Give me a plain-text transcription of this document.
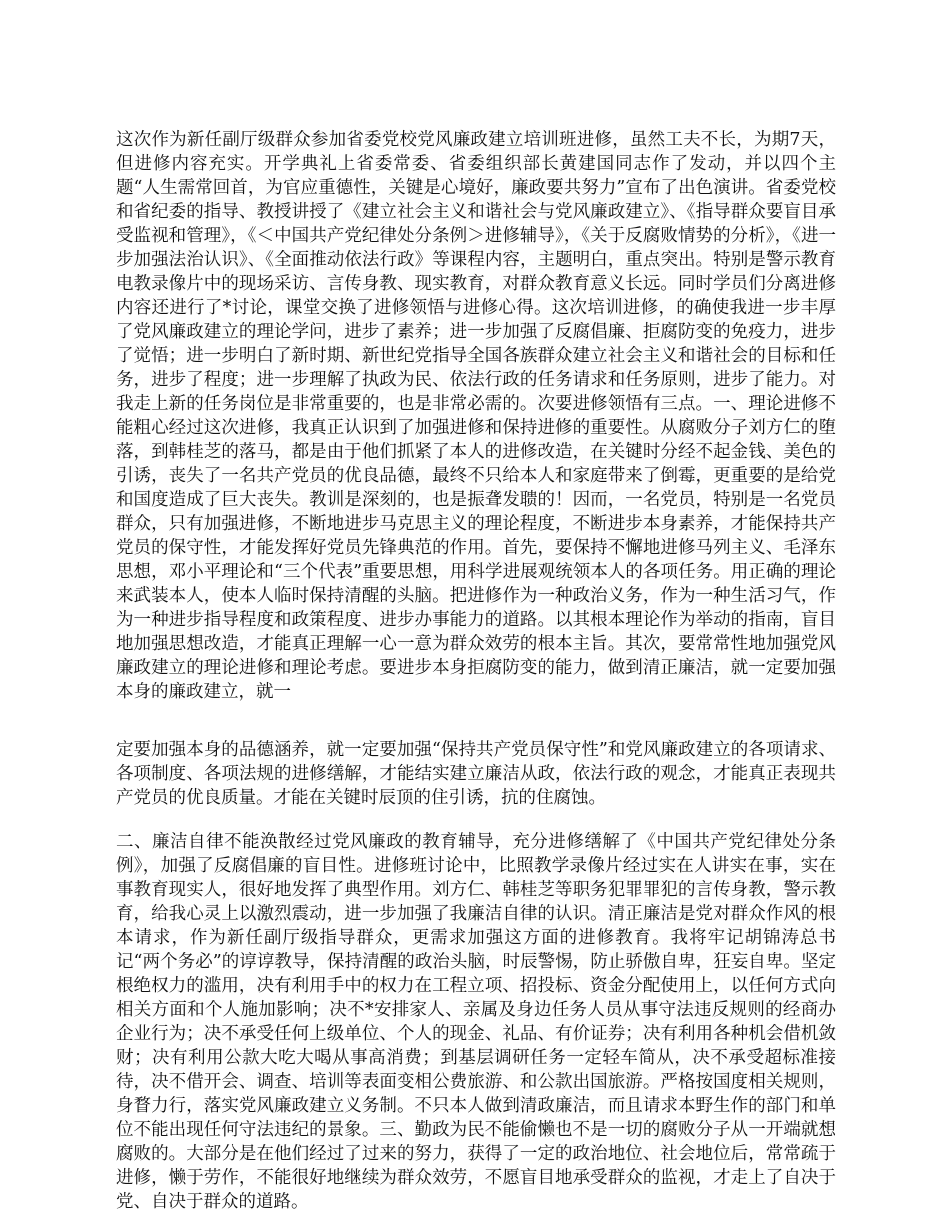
这次作为新任副厅级群众参加省委党校党风廉政建立培训班进修，虽然工夫不长，为期7天，但进修内容充实。开学典礼上省委常委、省委组织部长黄建国同志作了发动，并以四个主题“人生需常回首，为官应重德性，关键是心境好，廉政要共努力”宣布了出色演讲。省委党校和省纪委的指导、教授讲授了《建立社会主义和谐社会与党风廉政建立》、《指导群众要盲目承受监视和管理》，《＜中国共产党纪律处分条例＞进修辅导》，《关于反腐败情势的分析》，《进一步加强法治认识》、《全面推动依法行政》等课程内容，主题明白，重点突出。特别是警示教育电教录像片中的现场采访、言传身教、现实教育，对群众教育意义长远。同时学员们分离进修内容还进行了*讨论，课堂交换了进修领悟与进修心得。这次培训进修，的确使我进一步丰厚了党风廉政建立的理论学问，进步了素养；进一步加强了反腐倡廉、拒腐防变的免疫力，进步了觉悟；进一步明白了新时期、新世纪党指导全国各族群众建立社会主义和谐社会的目标和任务，进步了程度；进一步理解了执政为民、依法行政的任务请求和任务原则，进步了能力。对我走上新的任务岗位是非常重要的，也是非常必需的。次要进修领悟有三点。一、理论进修不能粗心经过这次进修，我真正认识到了加强进修和保持进修的重要性。从腐败分子刘方仁的堕落，到韩桂芝的落马，都是由于他们抓紧了本人的进修改造，在关键时分经不起金钱、美色的引诱，丧失了一名共产党员的优良品德，最终不只给本人和家庭带来了倒霉，更重要的是给党和国度造成了巨大丧失。教训是深刻的，也是振聋发聩的！因而，一名党员，特别是一名党员群众，只有加强进修，不断地进步马克思主义的理论程度，不断进步本身素养，才能保持共产党员的保守性，才能发挥好党员先锋典范的作用。首先，要保持不懈地进修马列主义、毛泽东思想，邓小平理论和“三个代表”重要思想，用科学进展观统领本人的各项任务。用正确的理论来武装本人，使本人临时保持清醒的头脑。把进修作为一种政治义务，作为一种生活习气，作为一种进步指导程度和政策程度、进步办事能力的道路。以其根本理论作为举动的指南，盲目地加强思想改造，才能真正理解一心一意为群众效劳的根本主旨。其次，要常常性地加强党风廉政建立的理论进修和理论考虑。要进步本身拒腐防变的能力，做到清正廉洁，就一定要加强本身的廉政建立，就一

定要加强本身的品德涵养，就一定要加强“保持共产党员保守性”和党风廉政建立的各项请求、各项制度、各项法规的进修缮解，才能结实建立廉洁从政，依法行政的观念，才能真正表现共产党员的优良质量。才能在关键时辰顶的住引诱，抗的住腐蚀。

二、廉洁自律不能涣散经过党风廉政的教育辅导，充分进修缮解了《中国共产党纪律处分条例》，加强了反腐倡廉的盲目性。进修班讨论中，比照教学录像片经过实在人讲实在事，实在事教育现实人，很好地发挥了典型作用。刘方仁、韩桂芝等职务犯罪罪犯的言传身教，警示教育，给我心灵上以激烈震动，进一步加强了我廉洁自律的认识。清正廉洁是党对群众作风的根本请求，作为新任副厅级指导群众，更需求加强这方面的进修教育。我将牢记胡锦涛总书记“两个务必”的谆谆教导，保持清醒的政治头脑，时辰警惕，防止骄傲自卑，狂妄自卑。坚定根绝权力的滥用，决有利用手中的权力在工程立项、招投标、资金分配使用上，以任何方式向相关方面和个人施加影响；决不*安排家人、亲属及身边任务人员从事守法违反规则的经商办企业行为；决不承受任何上级单位、个人的现金、礼品、有价证券；决有利用各种机会借机敛财；决有利用公款大吃大喝从事高消费；到基层调研任务一定轻车简从，决不承受超标准接待，决不借开会、调查、培训等表面变相公费旅游、和公款出国旅游。严格按国度相关规则，身瞀力行，落实党风廉政建立义务制。不只本人做到清政廉洁，而且请求本野生作的部门和单位不能出现任何守法违纪的景象。三、勤政为民不能偷懒也不是一切的腐败分子从一开端就想腐败的。大部分是在他们经过了过来的努力，获得了一定的政治地位、社会地位后，常常疏于进修，懒于劳作，不能很好地继续为群众效劳，不愿盲目地承受群众的监视，才走上了自决于党、自决于群众的道路。
